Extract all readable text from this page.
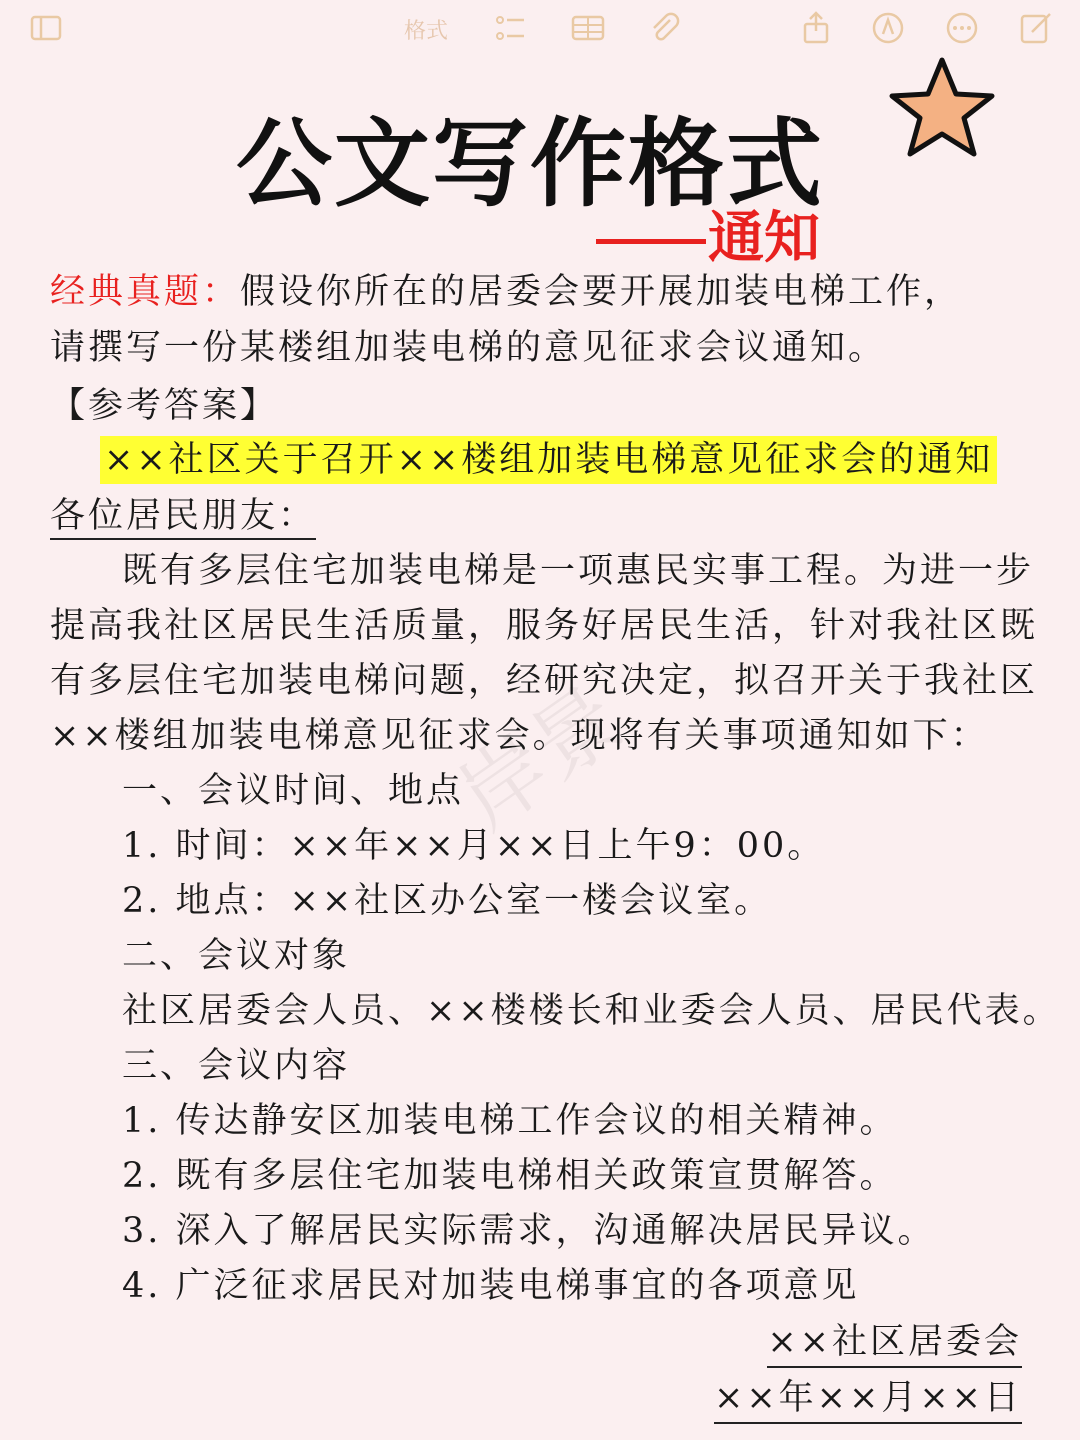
格式
公文写作格式
通知
经典真题：假设你所在的居委会要开展加装电梯工作，
请撰写一份某楼组加装电梯的意见征求会议通知。
【参考答案】
××社区关于召开××楼组加装电梯意见征求会的通知
各位居民朋友：
既有多层住宅加装电梯是一项惠民实事工程。为进一步
提高我社区居民生活质量，服务好居民生活，针对我社区既
有多层住宅加装电梯问题，经研究决定，拟召开关于我社区
××楼组加装电梯意见征求会。现将有关事项通知如下：
岸景
一、会议时间、地点
1. 时间：××年××月××日上午9：00。
2. 地点：××社区办公室一楼会议室。
二、会议对象
社区居委会人员、××楼楼长和业委会人员、居民代表。
三、会议内容
1. 传达静安区加装电梯工作会议的相关精神。
2. 既有多层住宅加装电梯相关政策宣贯解答。
3. 深入了解居民实际需求，沟通解决居民异议。
4. 广泛征求居民对加装电梯事宜的各项意见
××社区居委会
××年××月××日
